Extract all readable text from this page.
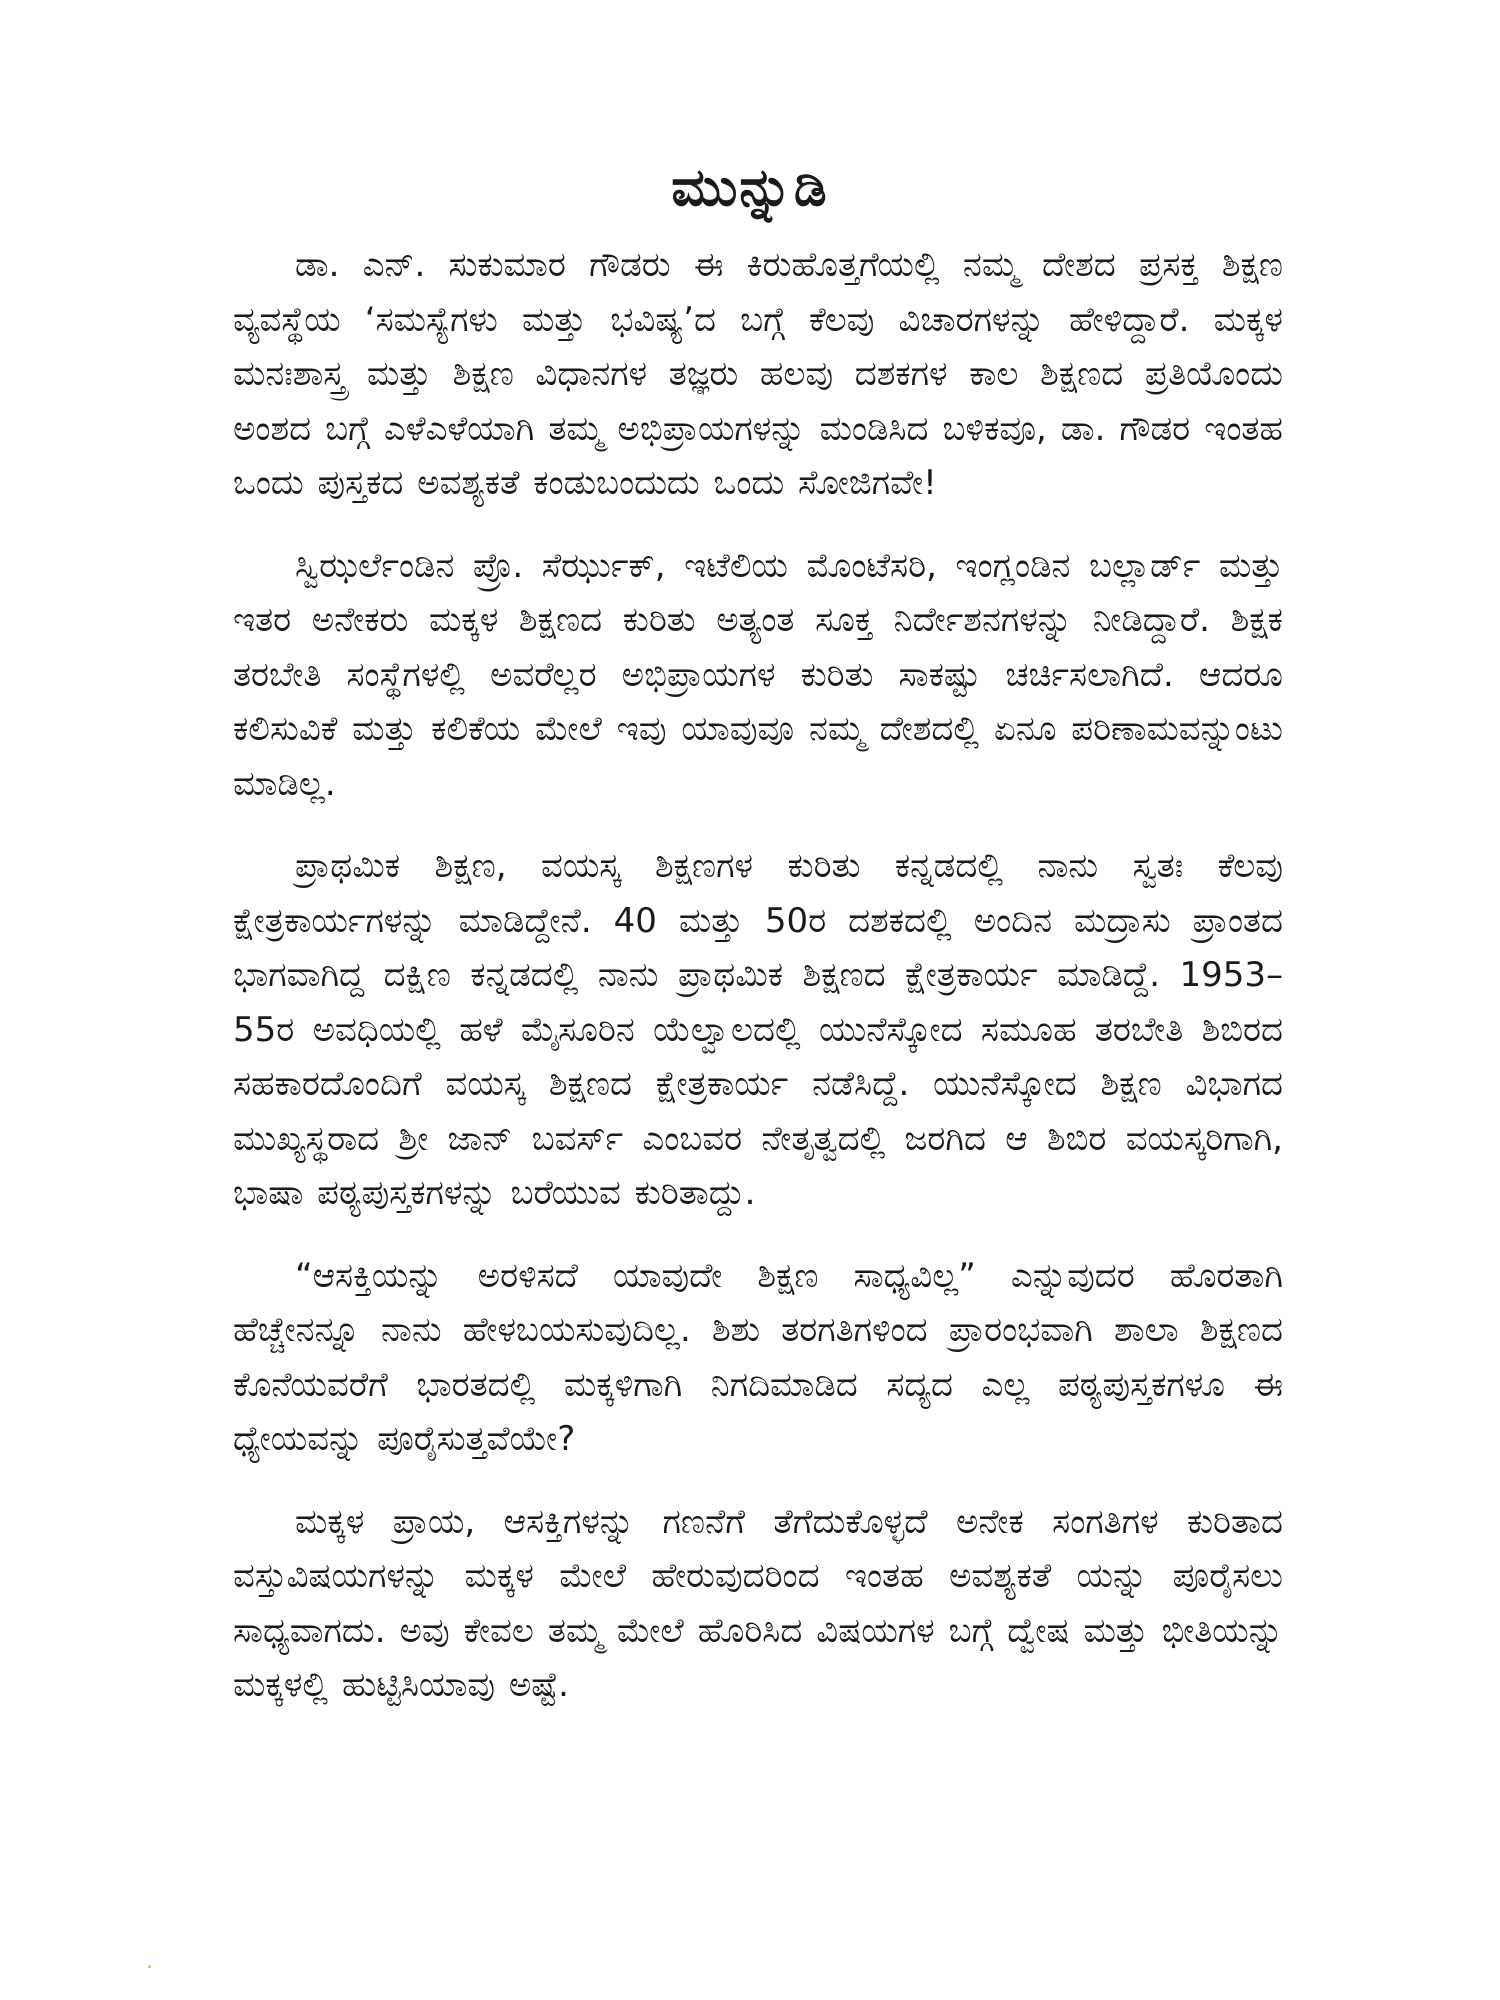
ಮುನ್ನುಡಿ

ಡಾ. ಎನ್. ಸುಕುಮಾರ ಗೌಡರು ಈ ಕಿರುಹೊತ್ತಗೆಯಲ್ಲಿ ನಮ್ಮ ದೇಶದ ಪ್ರಸಕ್ತ ಶಿಕ್ಷಣ ವ್ಯವಸ್ಥೆಯ ‘ಸಮಸ್ಯೆಗಳು ಮತ್ತು ಭವಿಷ್ಯ’ದ ಬಗ್ಗೆ ಕೆಲವು ವಿಚಾರಗಳನ್ನು ಹೇಳಿದ್ದಾರೆ. ಮಕ್ಕಳ ಮನಃಶಾಸ್ತ್ರ ಮತ್ತು ಶಿಕ್ಷಣ ವಿಧಾನಗಳ ತಜ್ಞರು ಹಲವು ದಶಕಗಳ ಕಾಲ ಶಿಕ್ಷಣದ ಪ್ರತಿಯೊಂದು ಅಂಶದ ಬಗ್ಗೆ ಎಳೆಎಳೆಯಾಗಿ ತಮ್ಮ ಅಭಿಪ್ರಾಯಗಳನ್ನು ಮಂಡಿಸಿದ ಬಳಿಕವೂ, ಡಾ. ಗೌಡರ ಇಂತಹ ಒಂದು ಪುಸ್ತಕದ ಅವಶ್ಯಕತೆ ಕಂಡುಬಂದುದು ಒಂದು ಸೋಜಿಗವೇ!

ಸ್ವಿಝರ್ಲೆಂಡಿನ ಪ್ರೊ. ಸೆರ್ಝುಕ್, ಇಟೆಲಿಯ ಮೊಂಟೆಸರಿ, ಇಂಗ್ಲಂಡಿನ ಬಲ್ಲಾರ್ಡ್ ಮತ್ತು ಇತರ ಅನೇಕರು ಮಕ್ಕಳ ಶಿಕ್ಷಣದ ಕುರಿತು ಅತ್ಯಂತ ಸೂಕ್ತ ನಿರ್ದೇಶನಗಳನ್ನು ನೀಡಿದ್ದಾರೆ. ಶಿಕ್ಷಕ ತರಬೇತಿ ಸಂಸ್ಥೆಗಳಲ್ಲಿ ಅವರೆಲ್ಲರ ಅಭಿಪ್ರಾಯಗಳ ಕುರಿತು ಸಾಕಷ್ಟು ಚರ್ಚಿಸಲಾಗಿದೆ. ಆದರೂ ಕಲಿಸುವಿಕೆ ಮತ್ತು ಕಲಿಕೆಯ ಮೇಲೆ ಇವು ಯಾವುವೂ ನಮ್ಮ ದೇಶದಲ್ಲಿ ಏನೂ ಪರಿಣಾಮವನ್ನುಂಟು ಮಾಡಿಲ್ಲ.

ಪ್ರಾಥಮಿಕ ಶಿಕ್ಷಣ, ವಯಸ್ಕ ಶಿಕ್ಷಣಗಳ ಕುರಿತು ಕನ್ನಡದಲ್ಲಿ ನಾನು ಸ್ವತಃ ಕೆಲವು ಕ್ಷೇತ್ರಕಾರ್ಯಗಳನ್ನು ಮಾಡಿದ್ದೇನೆ. 40 ಮತ್ತು 50ರ ದಶಕದಲ್ಲಿ ಅಂದಿನ ಮದ್ರಾಸು ಪ್ರಾಂತದ ಭಾಗವಾಗಿದ್ದ ದಕ್ಷಿಣ ಕನ್ನಡದಲ್ಲಿ ನಾನು ಪ್ರಾಥಮಿಕ ಶಿಕ್ಷಣದ ಕ್ಷೇತ್ರಕಾರ್ಯ ಮಾಡಿದ್ದೆ. 1953–55ರ ಅವಧಿಯಲ್ಲಿ ಹಳೆ ಮೈಸೂರಿನ ಯೆಲ್ವಾಲದಲ್ಲಿ ಯುನೆಸ್ಕೋದ ಸಮೂಹ ತರಬೇತಿ ಶಿಬಿರದ ಸಹಕಾರದೊಂದಿಗೆ ವಯಸ್ಕ ಶಿಕ್ಷಣದ ಕ್ಷೇತ್ರಕಾರ್ಯ ನಡೆಸಿದ್ದೆ. ಯುನೆಸ್ಕೋದ ಶಿಕ್ಷಣ ವಿಭಾಗದ ಮುಖ್ಯಸ್ಥರಾದ ಶ್ರೀ ಜಾನ್ ಬವರ್ಸ್ ಎಂಬವರ ನೇತೃತ್ವದಲ್ಲಿ ಜರಗಿದ ಆ ಶಿಬಿರ ವಯಸ್ಕರಿಗಾಗಿ, ಭಾಷಾ ಪಠ್ಯಪುಸ್ತಕಗಳನ್ನು ಬರೆಯುವ ಕುರಿತಾದ್ದು.

“ಆಸಕ್ತಿಯನ್ನು ಅರಳಿಸದೆ ಯಾವುದೇ ಶಿಕ್ಷಣ ಸಾಧ್ಯವಿಲ್ಲ” ಎನ್ನುವುದರ ಹೊರತಾಗಿ ಹೆಚ್ಚೇನನ್ನೂ ನಾನು ಹೇಳಬಯಸುವುದಿಲ್ಲ. ಶಿಶು ತರಗತಿಗಳಿಂದ ಪ್ರಾರಂಭವಾಗಿ ಶಾಲಾ ಶಿಕ್ಷಣದ ಕೊನೆಯವರೆಗೆ ಭಾರತದಲ್ಲಿ ಮಕ್ಕಳಿಗಾಗಿ ನಿಗದಿಮಾಡಿದ ಸದ್ಯದ ಎಲ್ಲ ಪಠ್ಯಪುಸ್ತಕಗಳೂ ಈ ಧ್ಯೇಯವನ್ನು ಪೂರೈಸುತ್ತವೆಯೇ?

ಮಕ್ಕಳ ಪ್ರಾಯ, ಆಸಕ್ತಿಗಳನ್ನು ಗಣನೆಗೆ ತೆಗೆದುಕೊಳ್ಳದೆ ಅನೇಕ ಸಂಗತಿಗಳ ಕುರಿತಾದ ವಸ್ತುವಿಷಯಗಳನ್ನು ಮಕ್ಕಳ ಮೇಲೆ ಹೇರುವುದರಿಂದ ಇಂತಹ ಅವಶ್ಯಕತೆ ಯನ್ನು ಪೂರೈಸಲು ಸಾಧ್ಯವಾಗದು. ಅವು ಕೇವಲ ತಮ್ಮ ಮೇಲೆ ಹೊರಿಸಿದ ವಿಷಯಗಳ ಬಗ್ಗೆ ದ್ವೇಷ ಮತ್ತು ಭೀತಿಯನ್ನು ಮಕ್ಕಳಲ್ಲಿ ಹುಟ್ಟಿಸಿಯಾವು ಅಷ್ಟೆ.
